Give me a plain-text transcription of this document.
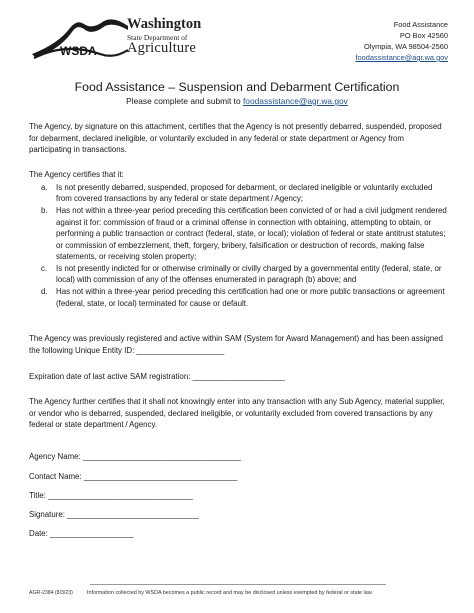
WSDA
Washington
State Department of
Agriculture
Food Assistance
PO Box 42560
Olympia, WA 98504-2560
foodassistance@agr.wa.gov
Food Assistance – Suspension and Debarment Certification
Please complete and submit to foodassistance@agr.wa.gov
The Agency, by signature on this attachment, certifies that the Agency is not presently debarred, suspended, proposed for debarment, declared ineligible, or voluntarily excluded in any federal or state department or Agency from participating in transactions.
The Agency certifies that it:
a. Is not presently debarred, suspended, proposed for debarment, or declared ineligible or voluntarily excluded from covered transactions by any federal or state department / Agency;
b. Has not within a three-year period preceding this certification been convicted of or had a civil judgment rendered against it for: commission of fraud or a criminal offense in connection with obtaining, attempting to obtain, or performing a public transaction or contract (federal, state, or local); violation of federal or state antitrust statutes; or commission of embezzlement, theft, forgery, bribery, falsification or destruction of records, making false statements, or receiving stolen property;
c. Is not presently indicted for or otherwise criminally or civilly charged by a governmental entity (federal, state, or local) with commission of any of the offenses enumerated in paragraph (b) above; and
d. Has not within a three-year period preceding this certification had one or more public transactions or agreement (federal, state, or local) terminated for cause or default.
The Agency was previously registered and active within SAM (System for Award Management) and has been assigned the following Unique Entity ID: ____________________
Expiration date of last active SAM registration: _____________________
The Agency further certifies that it shall not knowingly enter into any transaction with any Sub Agency, material supplier, or vendor who is debarred, suspended, declared ineligible, or voluntarily excluded from covered transactions by any federal or state department / Agency.
Agency Name: ____________________________________
Contact Name: ___________________________________
Title: _________________________________
Signature: ______________________________
Date: ___________________
AGR-2384 (8/3/23)	Information collected by WSDA becomes a public record and may be disclosed unless exempted by federal or state law.
